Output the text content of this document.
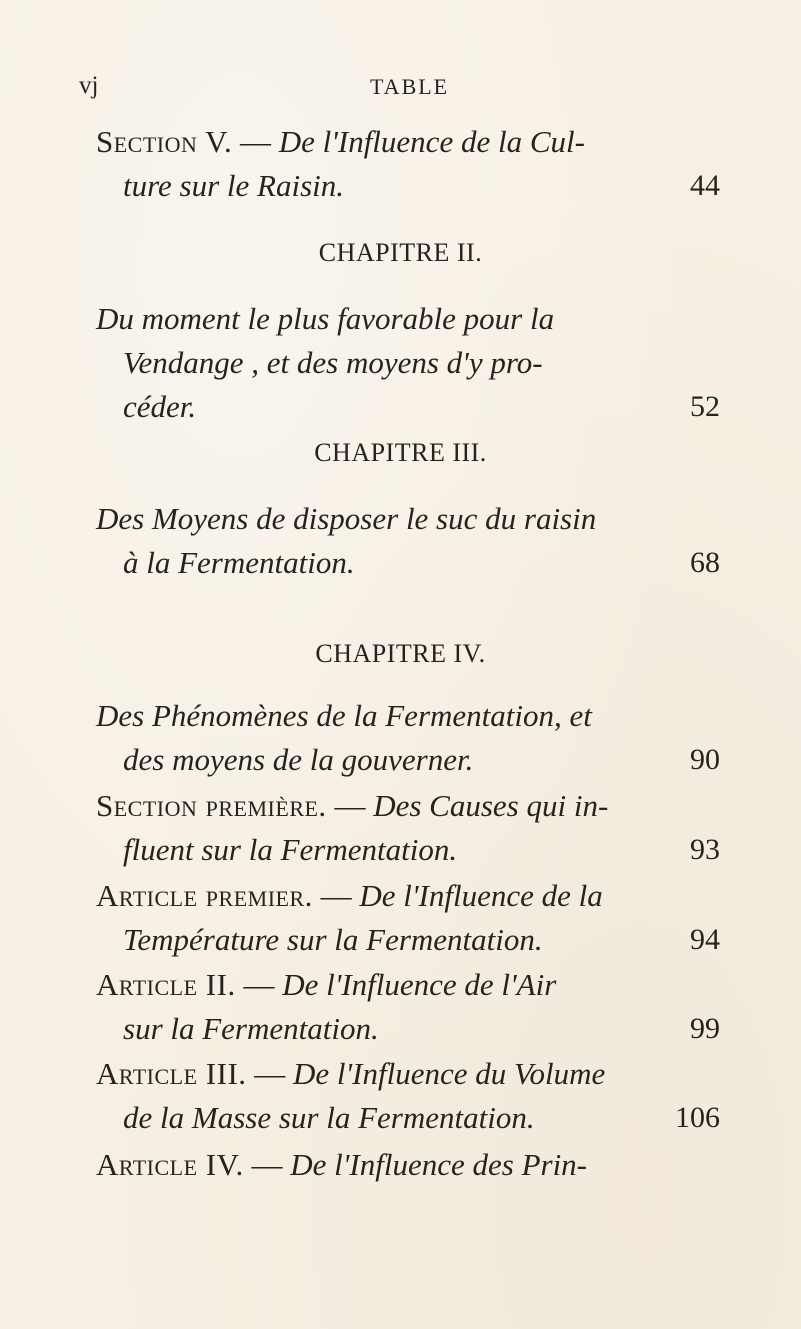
vj	TABLE
Section V. — De l'Influence de la Cul-
ture sur le Raisin.	44
CHAPITRE II.
Du moment le plus favorable pour la
Vendange , et des moyens d'y pro-
céder.	52
CHAPITRE III.
Des Moyens de disposer le suc du raisin
à la Fermentation.	68
CHAPITRE IV.
Des Phénomènes de la Fermentation, et
des moyens de la gouverner.	90
Section première. — Des Causes qui in-
fluent sur la Fermentation.	93
Article premier. — De l'Influence de la
Température sur la Fermentation.	94
Article II. — De l'Influence de l'Air
sur la Fermentation.	99
Article III. — De l'Influence du Volume
de la Masse sur la Fermentation.	106
Article IV. — De l'Influence des Prin-
